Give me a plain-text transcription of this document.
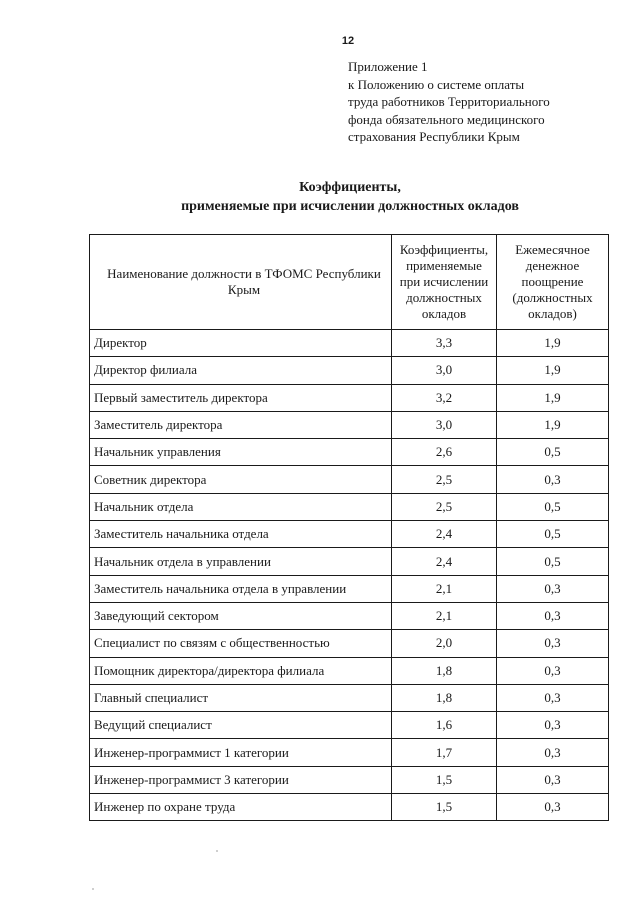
12
Приложение 1
к Положению о системе оплаты
труда работников Территориального
фонда обязательного медицинского
страхования Республики Крым
Коэффициенты,
применяемые при исчислении должностных окладов
Наименование должности в ТФОМС Республики Крым	Коэффициенты, применяемые при исчислении должностных окладов	Ежемесячное денежное поощрение (должностных окладов)
Директор	3,3	1,9
Директор филиала	3,0	1,9
Первый заместитель директора	3,2	1,9
Заместитель директора	3,0	1,9
Начальник управления	2,6	0,5
Советник директора	2,5	0,3
Начальник отдела	2,5	0,5
Заместитель начальника отдела	2,4	0,5
Начальник отдела в управлении	2,4	0,5
Заместитель начальника отдела в управлении	2,1	0,3
Заведующий сектором	2,1	0,3
Специалист по связям с общественностью	2,0	0,3
Помощник директора/директора филиала	1,8	0,3
Главный специалист	1,8	0,3
Ведущий специалист	1,6	0,3
Инженер-программист 1 категории	1,7	0,3
Инженер-программист 3 категории	1,5	0,3
Инженер по охране труда	1,5	0,3
